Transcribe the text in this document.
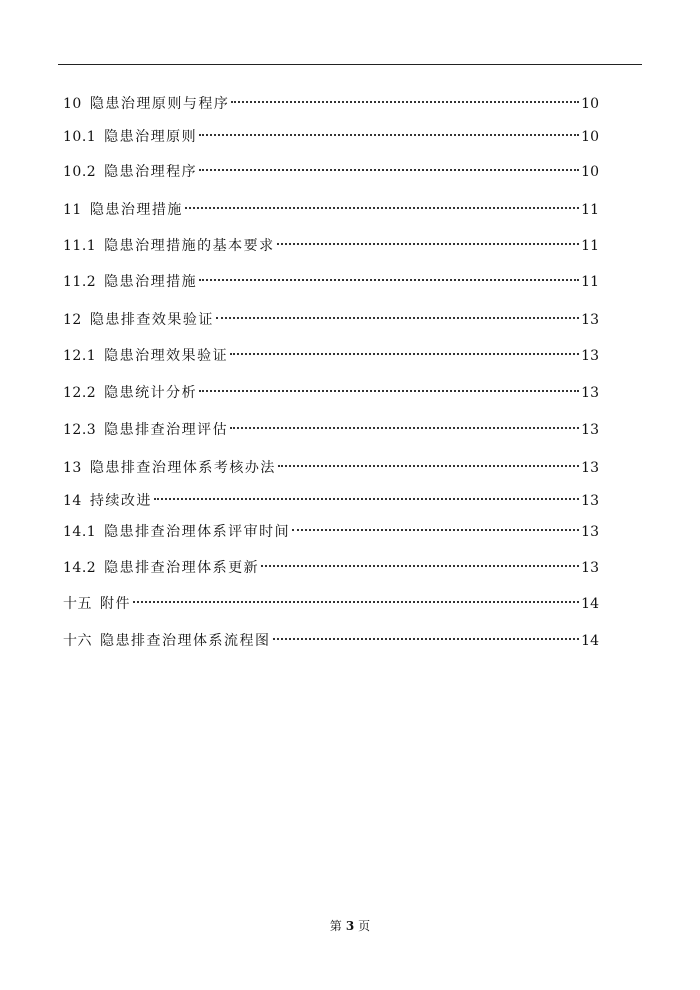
10 隐患治理原则与程序	10
10.1 隐患治理原则	10
10.2 隐患治理程序	10
11 隐患治理措施	11
11.1 隐患治理措施的基本要求	11
11.2 隐患治理措施	11
12 隐患排查效果验证	13
12.1 隐患治理效果验证	13
12.2 隐患统计分析	13
12.3 隐患排查治理评估	13
13 隐患排查治理体系考核办法	13
14 持续改进	13
14.1 隐患排查治理体系评审时间	13
14.2 隐患排查治理体系更新	13
十五 附件	14
十六 隐患排查治理体系流程图	14
第 3 页
